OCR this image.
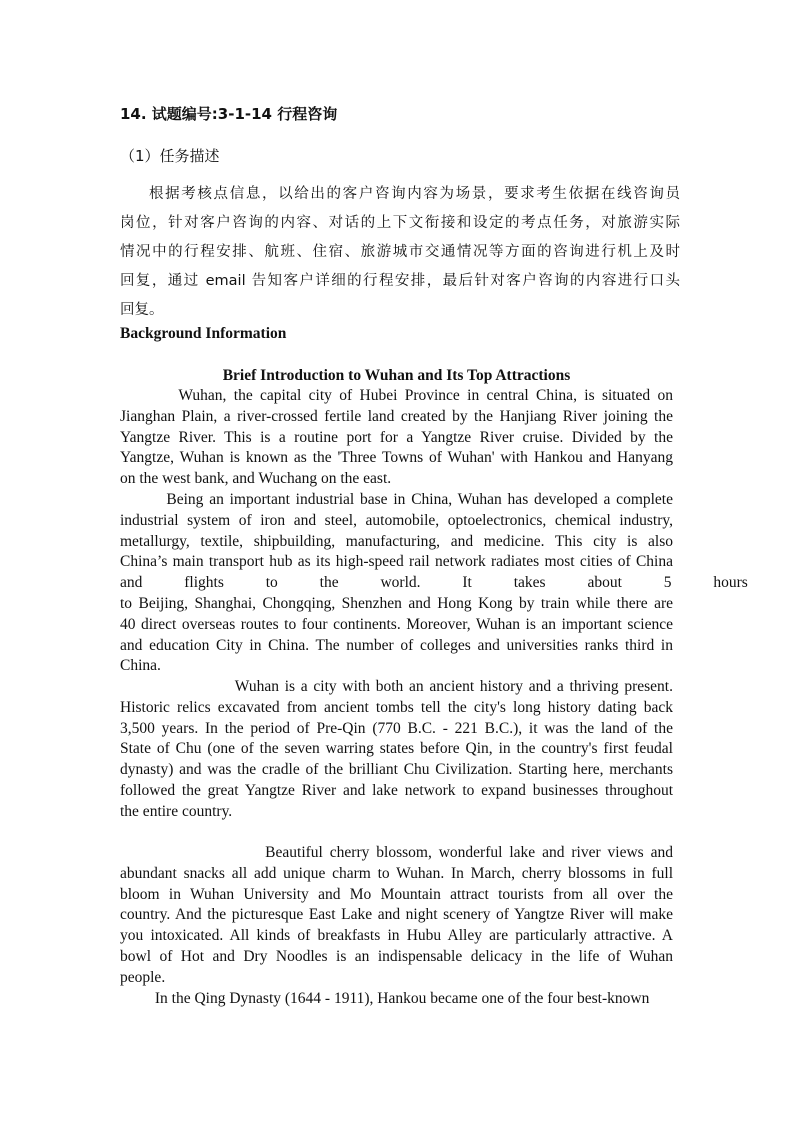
14. 试题编号:3-1-14 行程咨询
（1）任务描述
根据考核点信息，以给出的客户咨询内容为场景，要求考生依据在线咨询员
岗位，针对客户咨询的内容、对话的上下文衔接和设定的考点任务，对旅游实际
情况中的行程安排、航班、住宿、旅游城市交通情况等方面的咨询进行机上及时
回复，通过 email 告知客户详细的行程安排，最后针对客户咨询的内容进行口头
回复。
Background Information
Brief Introduction to Wuhan and Its Top Attractions
Wuhan, the capital city of Hubei Province in central China, is situated on
Jianghan Plain, a river-crossed fertile land created by the Hanjiang River joining the
Yangtze River. This is a routine port for a Yangtze River cruise. Divided by the
Yangtze, Wuhan is known as the 'Three Towns of Wuhan' with Hankou and Hanyang
on the west bank, and Wuchang on the east.
Being an important industrial base in China, Wuhan has developed a complete
industrial system of iron and steel, automobile, optoelectronics, chemical industry,
metallurgy, textile, shipbuilding, manufacturing, and medicine. This city is also
China’s main transport hub as its high-speed rail network radiates most cities of China
and flights to the world. It takes about 5 hours
to Beijing, Shanghai, Chongqing, Shenzhen and Hong Kong by train while there are
40 direct overseas routes to four continents. Moreover, Wuhan is an important science
and education City in China. The number of colleges and universities ranks third in
China.
Wuhan is a city with both an ancient history and a thriving present.
Historic relics excavated from ancient tombs tell the city's long history dating back
3,500 years. In the period of Pre-Qin (770 B.C. - 221 B.C.), it was the land of the
State of Chu (one of the seven warring states before Qin, in the country's first feudal
dynasty) and was the cradle of the brilliant Chu Civilization. Starting here, merchants
followed the great Yangtze River and lake network to expand businesses throughout
the entire country.
Beautiful cherry blossom, wonderful lake and river views and
abundant snacks all add unique charm to Wuhan. In March, cherry blossoms in full
bloom in Wuhan University and Mo Mountain attract tourists from all over the
country. And the picturesque East Lake and night scenery of Yangtze River will make
you intoxicated. All kinds of breakfasts in Hubu Alley are particularly attractive. A
bowl of Hot and Dry Noodles is an indispensable delicacy in the life of Wuhan
people.
In the Qing Dynasty (1644 - 1911), Hankou became one of the four best-known
